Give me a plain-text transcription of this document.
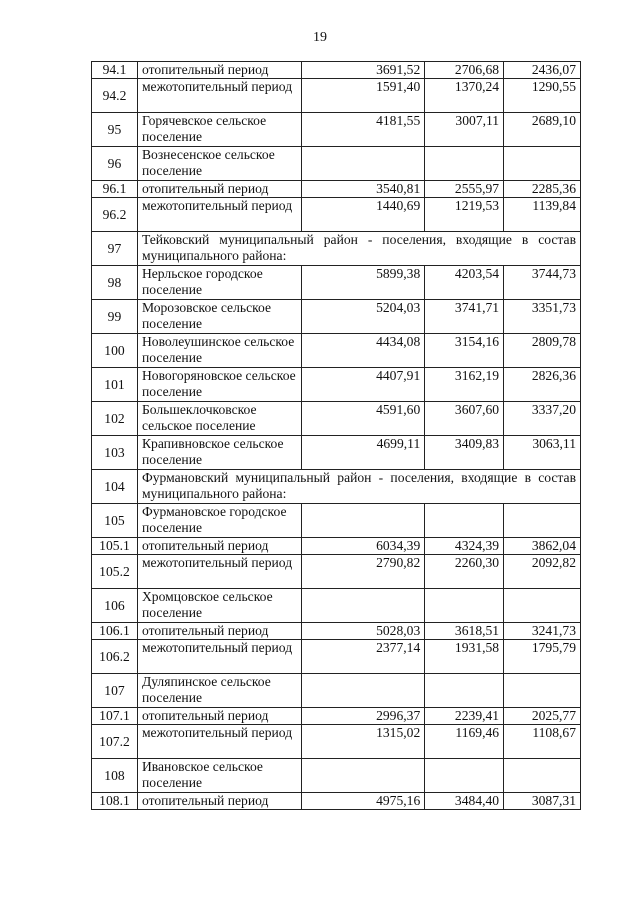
19
94.1	отопительный период	3691,52	2706,68	2436,07
94.2	межотопительный период	1591,40	1370,24	1290,55
95	Горячевское сельское поселение	4181,55	3007,11	2689,10
96	Вознесенское сельское поселение			
96.1	отопительный период	3540,81	2555,97	2285,36
96.2	межотопительный период	1440,69	1219,53	1139,84
97	Тейковский муниципальный район - поселения, входящие в состав муниципального района:			
98	Нерльское городское поселение	5899,38	4203,54	3744,73
99	Морозовское сельское поселение	5204,03	3741,71	3351,73
100	Новолеушинское сельское поселение	4434,08	3154,16	2809,78
101	Новогоряновское сельское поселение	4407,91	3162,19	2826,36
102	Большеклочковское сельское поселение	4591,60	3607,60	3337,20
103	Крапивновское сельское поселение	4699,11	3409,83	3063,11
104	Фурмановский муниципальный район - поселения, входящие в состав муниципального района:			
105	Фурмановское городское поселение			
105.1	отопительный период	6034,39	4324,39	3862,04
105.2	межотопительный период	2790,82	2260,30	2092,82
106	Хромцовское сельское поселение			
106.1	отопительный период	5028,03	3618,51	3241,73
106.2	межотопительный период	2377,14	1931,58	1795,79
107	Дуляпинское сельское поселение			
107.1	отопительный период	2996,37	2239,41	2025,77
107.2	межотопительный период	1315,02	1169,46	1108,67
108	Ивановское сельское поселение			
108.1	отопительный период	4975,16	3484,40	3087,31
